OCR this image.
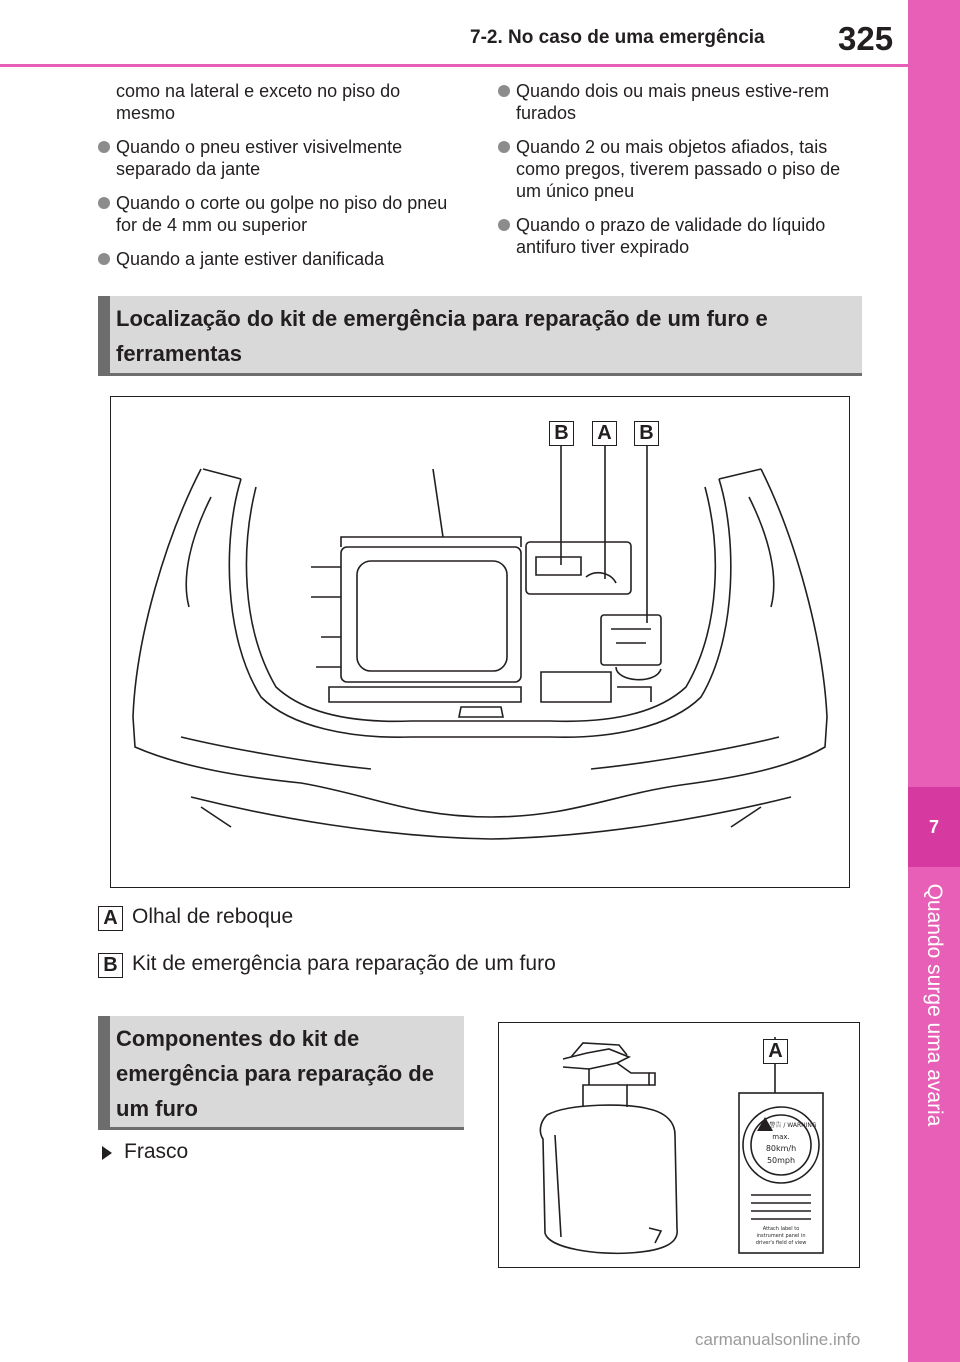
7-2. No caso de uma emergência 325
7
Quando surge uma avaria

como na lateral e exceto no piso do mesmo

Quando o pneu estiver visivelmente separado da jante

Quando o corte ou golpe no piso do pneu for de 4 mm ou superior

Quando a jante estiver danificada

Quando dois ou mais pneus estive-rem furados

Quando 2 ou mais objetos afiados, tais como pregos, tiverem passado o piso de um único pneu

Quando o prazo de validade do líquido antifuro tiver expirado

Localização do kit de emergência para reparação de um furo e ferramentas
B A B
A Olhal de reboque
B Kit de emergência para reparação de um furo
Componentes do kit de emergência para reparação de um furo
Frasco
警告 / WARNING
max.
80km/h
50mph
Attach label to
instrument panel in
driver's field of view
A
carmanualsonline.info
